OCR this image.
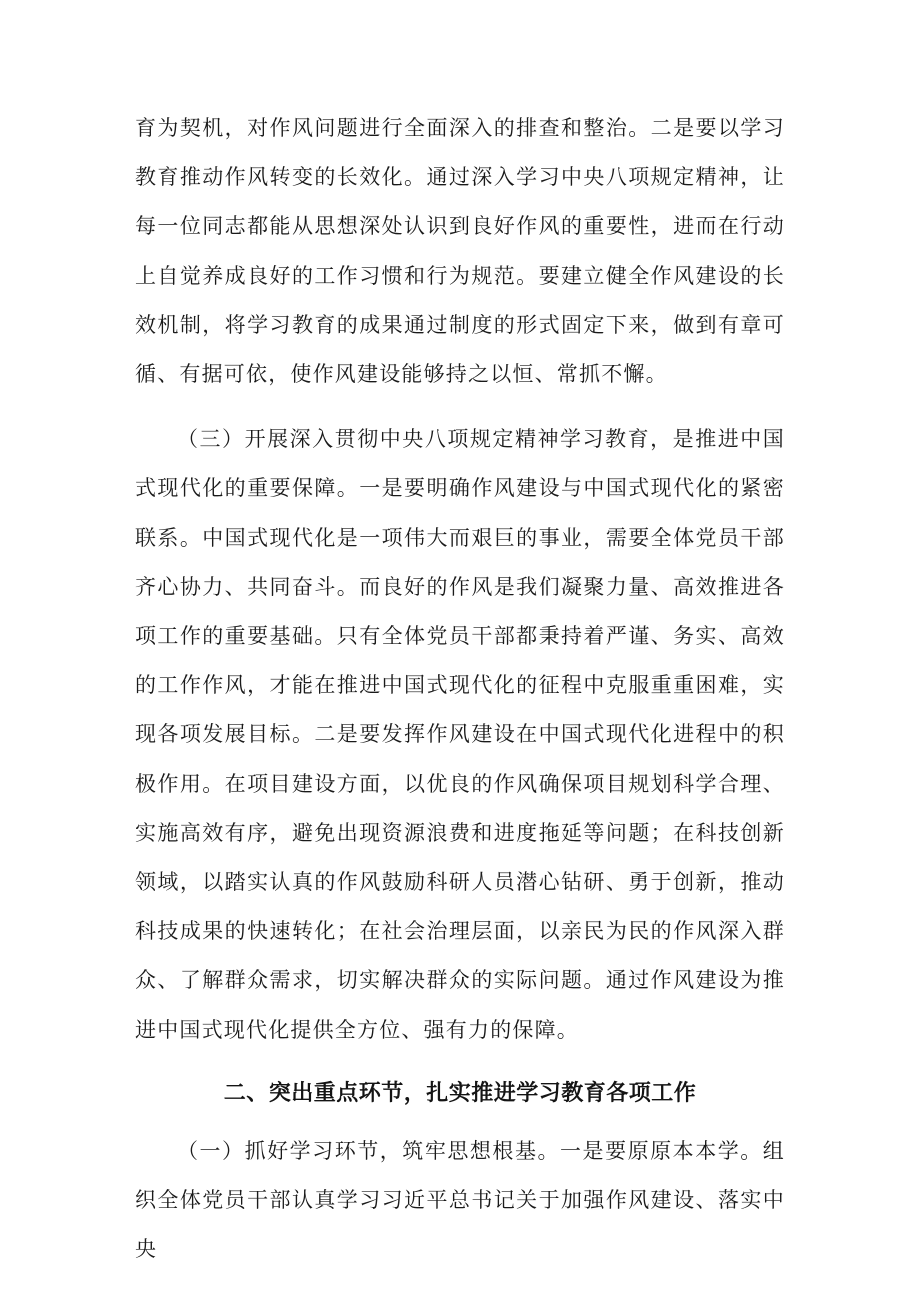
育为契机，对作风问题进行全面深入的排查和整治。二是要以学习教育推动作风转变的长效化。通过深入学习中央八项规定精神，让每一位同志都能从思想深处认识到良好作风的重要性，进而在行动上自觉养成良好的工作习惯和行为规范。要建立健全作风建设的长效机制，将学习教育的成果通过制度的形式固定下来，做到有章可循、有据可依，使作风建设能够持之以恒、常抓不懈。

（三）开展深入贯彻中央八项规定精神学习教育，是推进中国式现代化的重要保障。一是要明确作风建设与中国式现代化的紧密联系。中国式现代化是一项伟大而艰巨的事业，需要全体党员干部齐心协力、共同奋斗。而良好的作风是我们凝聚力量、高效推进各项工作的重要基础。只有全体党员干部都秉持着严谨、务实、高效的工作作风，才能在推进中国式现代化的征程中克服重重困难，实现各项发展目标。二是要发挥作风建设在中国式现代化进程中的积极作用。在项目建设方面，以优良的作风确保项目规划科学合理、实施高效有序，避免出现资源浪费和进度拖延等问题；在科技创新领域，以踏实认真的作风鼓励科研人员潜心钻研、勇于创新，推动科技成果的快速转化；在社会治理层面，以亲民为民的作风深入群众、了解群众需求，切实解决群众的实际问题。通过作风建设为推进中国式现代化提供全方位、强有力的保障。

二、突出重点环节，扎实推进学习教育各项工作

（一）抓好学习环节，筑牢思想根基。一是要原原本本学。组织全体党员干部认真学习习近平总书记关于加强作风建设、落实中央
